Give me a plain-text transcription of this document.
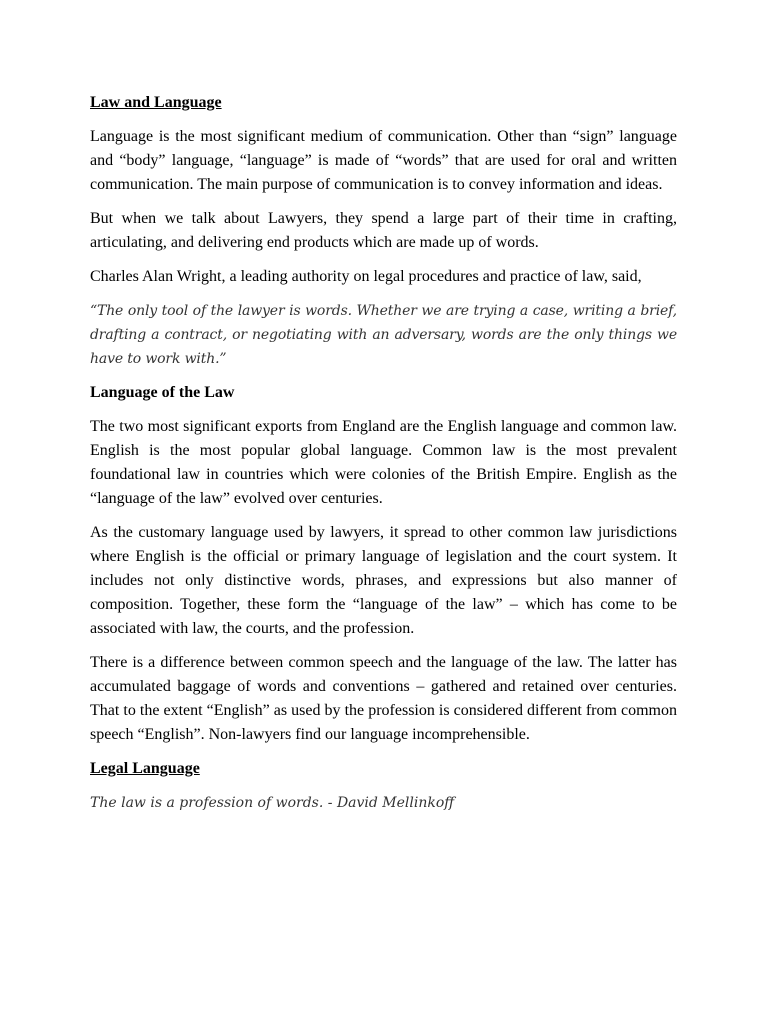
Law and Language

Language is the most significant medium of communication. Other than “sign” language and “body” language, “language” is made of “words” that are used for oral and written communication. The main purpose of communication is to convey information and ideas.

But when we talk about Lawyers, they spend a large part of their time in crafting, articulating, and delivering end products which are made up of words.

Charles Alan Wright, a leading authority on legal procedures and practice of law, said,

“The only tool of the lawyer is words. Whether we are trying a case, writing a brief, drafting a contract, or negotiating with an adversary, words are the only things we have to work with.”

Language of the Law

The two most significant exports from England are the English language and common law. English is the most popular global language. Common law is the most prevalent foundational law in countries which were colonies of the British Empire. English as the “language of the law” evolved over centuries.

As the customary language used by lawyers, it spread to other common law jurisdictions where English is the official or primary language of legislation and the court system. It includes not only distinctive words, phrases, and expressions but also manner of composition. Together, these form the “language of the law” – which has come to be associated with law, the courts, and the profession.

There is a difference between common speech and the language of the law. The latter has accumulated baggage of words and conventions – gathered and retained over centuries. That to the extent “English” as used by the profession is considered different from common speech “English”. Non-lawyers find our language incomprehensible.

Legal Language

The law is a profession of words. - David Mellinkoff
